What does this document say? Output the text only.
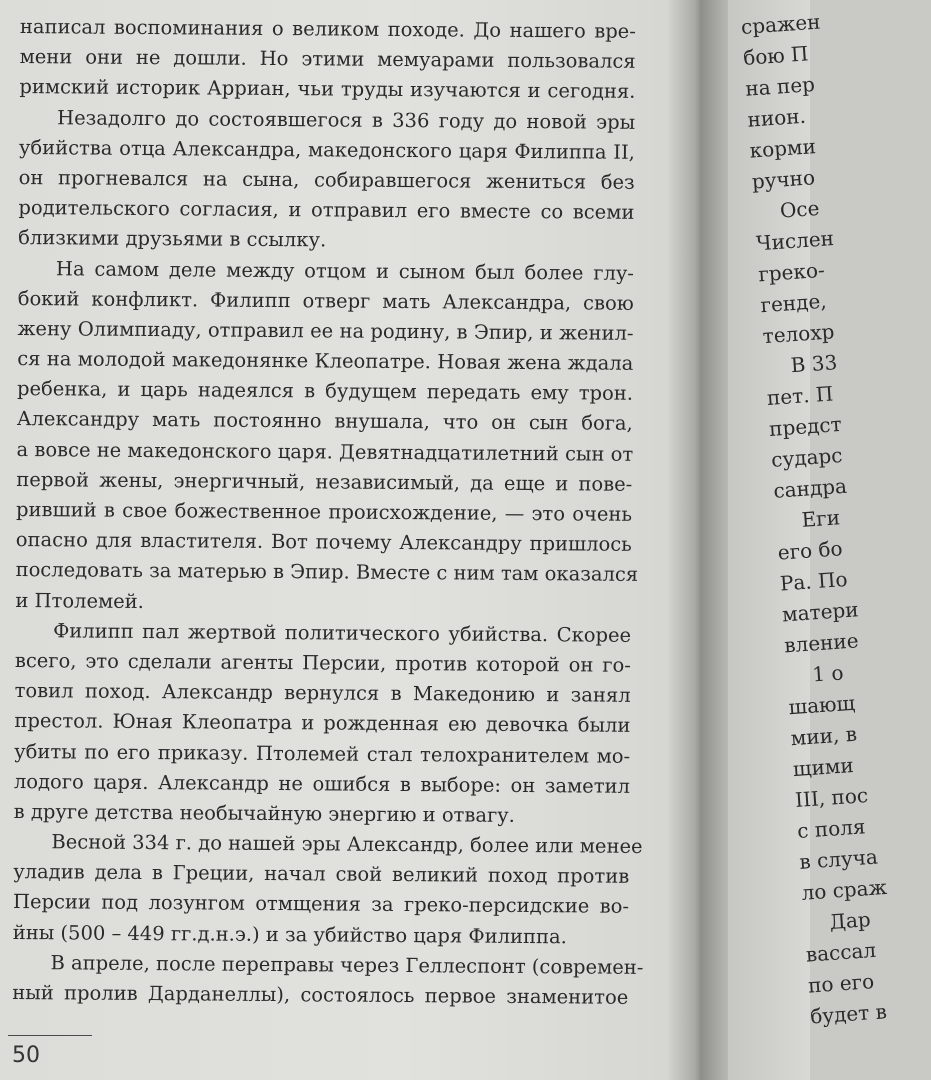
написал воспоминания о великом походе. До нашего вре-
мени они не дошли. Но этими мемуарами пользовался
римский историк Арриан, чьи труды изучаются и сегодня.
Незадолго до состоявшегося в 336 году до новой эры
убийства отца Александра, македонского царя Филиппа II,
он прогневался на сына, собиравшегося жениться без
родительского согласия, и отправил его вместе со всеми
близкими друзьями в ссылку.
На самом деле между отцом и сыном был более глу-
бокий конфликт. Филипп отверг мать Александра, свою
жену Олимпиаду, отправил ее на родину, в Эпир, и женил-
ся на молодой македонянке Клеопатре. Новая жена ждала
ребенка, и царь надеялся в будущем передать ему трон.
Александру мать постоянно внушала, что он сын бога,
а вовсе не македонского царя. Девятнадцатилетний сын от
первой жены, энергичный, независимый, да еще и пове-
ривший в свое божественное происхождение, — это очень
опасно для властителя. Вот почему Александру пришлось
последовать за матерью в Эпир. Вместе с ним там оказался
и Птолемей.
Филипп пал жертвой политического убийства. Скорее
всего, это сделали агенты Персии, против которой он го-
товил поход. Александр вернулся в Македонию и занял
престол. Юная Клеопатра и рожденная ею девочка были
убиты по его приказу. Птолемей стал телохранителем мо-
лодого царя. Александр не ошибся в выборе: он заметил
в друге детства необычайную энергию и отвагу.
Весной 334 г. до нашей эры Александр, более или менее
уладив дела в Греции, начал свой великий поход против
Персии под лозунгом отмщения за греко-персидские во-
йны (500 – 449 гг.д.н.э.) и за убийство царя Филиппа.
В апреле, после переправы через Геллеспонт (современ-
ный пролив Дарданеллы), состоялось первое знаменитое
50
сражен
бою П
на пер
нион.
корми
ручно
Осе
Числен
греко-
генде,
телохр
В 33
пет. П
предст
сударс
сандра
Еги
его бо
Ра. По
матери
вление
1 о
шающ
мии, в
щими
III, пос
с поля
в случа
ло сраж
Дар
вассал
по его
будет в
